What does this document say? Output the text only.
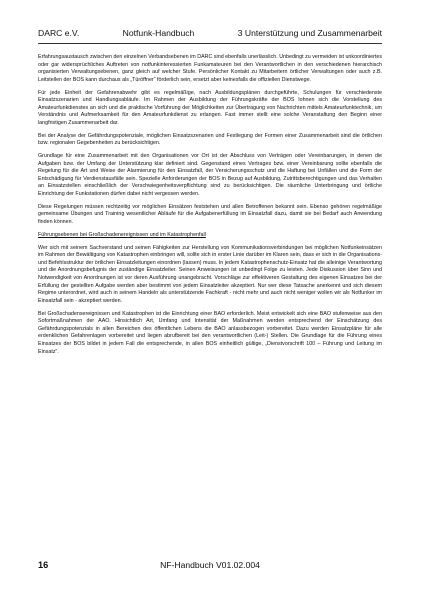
DARC e.V.	Notfunk-Handbuch	3 Unterstützung und Zusammenarbeit

Erfahrungsaustausch zwischen den einzelnen Verbandsebenen im DARC sind ebenfalls unerlässlich. Unbedingt zu vermeiden ist unkoordiniertes oder gar widersprüchliches Auftreten von notfunkinteressierten Funkamateuren bei den Verantwortlichen in den verschiedenen hierarchisch organisierten Verwaltungsebenen, ganz gleich auf welcher Stufe. Persönlicher Kontakt zu Mitarbeitern örtlicher Verwaltungen oder auch z.B. Leitstellen der BOS kann durchaus als „Türöffner“ förderlich sein, ersetzt aber keinesfalls die offiziellen Dienstwege.

Für jede Einheit der Gefahrenabwehr gibt es regelmäßige, nach Ausbildungsplänen durchgeführte, Schulungen für verschiedenste Einsatzszenarien und Handlungsabläufe. Im Rahmen der Ausbildung der Führungskräfte der BOS lohnen sich die Vorstellung des Amateurfunkdienstes an sich und die praktische Vorführung der Möglichkeiten zur Übertragung von Nachrichten mittels Amateurfunktechnik, um Verständnis und Aufmerksamkeit für den Amateurfunkdienst zu erlangen. Fast immer stellt eine solche Veranstaltung den Beginn einer langfristigen Zusammenarbeit dar.

Bei der Analyse der Gefährdungspotenziale, möglichen Einsatzszenarien und Festlegung der Formen einer Zusammenarbeit sind die örtlichen bzw. regionalen Gegebenheiten zu berücksichtigen.

Grundlage für eine Zusammenarbeit mit den Organisationen vor Ort ist der Abschluss von Verträgen oder Vereinbarungen, in denen die Aufgaben bzw. der Umfang der Unterstützung klar definiert sind. Gegenstand eines Vertrages bzw. einer Vereinbarung sollte ebenfalls die Regelung für die Art und Weise der Alarmierung für den Einsatzfall, der Versicherungsschutz und die Haftung bei Unfällen und die Form der Entschädigung für Verdienstausfälle sein. Spezielle Anforderungen der BOS in Bezug auf Ausbildung, Zutrittsberechtigungen und das Verhalten an Einsatzstellen einschließlich der Verschwiegenheitsverpflichtung sind zu berücksichtigen. Die räumliche Unterbringung und örtliche Einrichtung der Funkstationen dürfen dabei nicht vergessen werden.

Diese Regelungen müssen rechtzeitig vor möglichen Einsätzen feststehen und allen Betroffenen bekannt sein. Ebenso gehören regelmäßige gemeinsame Übungen und Training wesentlicher Abläufe für die Aufgabenerfüllung im Einsatzfall dazu, damit sie bei Bedarf auch Anwendung finden können.

Führungsebenen bei Großschadenereignissen und im Katastrophenfall

Wer sich mit seinem Sachverstand und seinen Fähigkeiten zur Herstellung von Kommunikationsverbindungen bei möglichen Notfunkeinsätzen im Rahmen der Bewältigung von Katastrophen einbringen will, sollte sich in erster Linie darüber im Klaren sein, dass er sich in die Organisations- und Befehlsstruktur der örtlichen Einsatzleitungen einordnen (lassen) muss. In jedem Katastrophenschutz-Einsatz hat die alleinige Verantwortung und die Anordnungsbefugnis der zuständige Einsatzleiter. Seinen Anweisungen ist unbedingt Folge zu leisten. Jede Diskussion über Sinn und Notwendigkeit von Anordnungen ist vor deren Ausführung unangebracht. Vorschläge zur effektiveren Gestaltung des eigenen Einsatzes bei der Erfüllung der gestellten Aufgabe werden aber bestimmt von jedem Einsatzleiter akzeptiert. Nur wer diese Tatsache anerkennt und sich diesem Regime unterordnet, wird auch in seinem Handeln als unterstützende Fachkraft - nicht mehr und auch nicht weniger wollen wir als Notfunker im Einsatzfall sein - akzeptiert werden.

Bei Großschadensereignissen und Katastrophen ist die Einrichtung einer BAO erforderlich. Meist entwickelt sich eine BAO stufenweise aus den Sofortmaßnahmen der AAO. Hinsichtlich Art, Umfang und Intensität der Maßnahmen werden entsprechend der Einschätzung des Gefährdungspotenzials in allen Bereichen des öffentlichen Lebens die BAO anlassbezogen vorbereitet. Dazu werden Einsatzpläne für alle erdenklichen Gefahrenlagen vorbereitet und liegen abrufbereit bei den verantwortlichen (Leit-) Stellen. Die Grundlage für die Führung eines Einsatzes der BOS bildet in jedem Fall die entsprechende, in allen BOS einheitlich gültige, „Dienstvorschrift 100 – Führung und Leitung im Einsatz“.

16	NF-Handbuch V01.02.004
